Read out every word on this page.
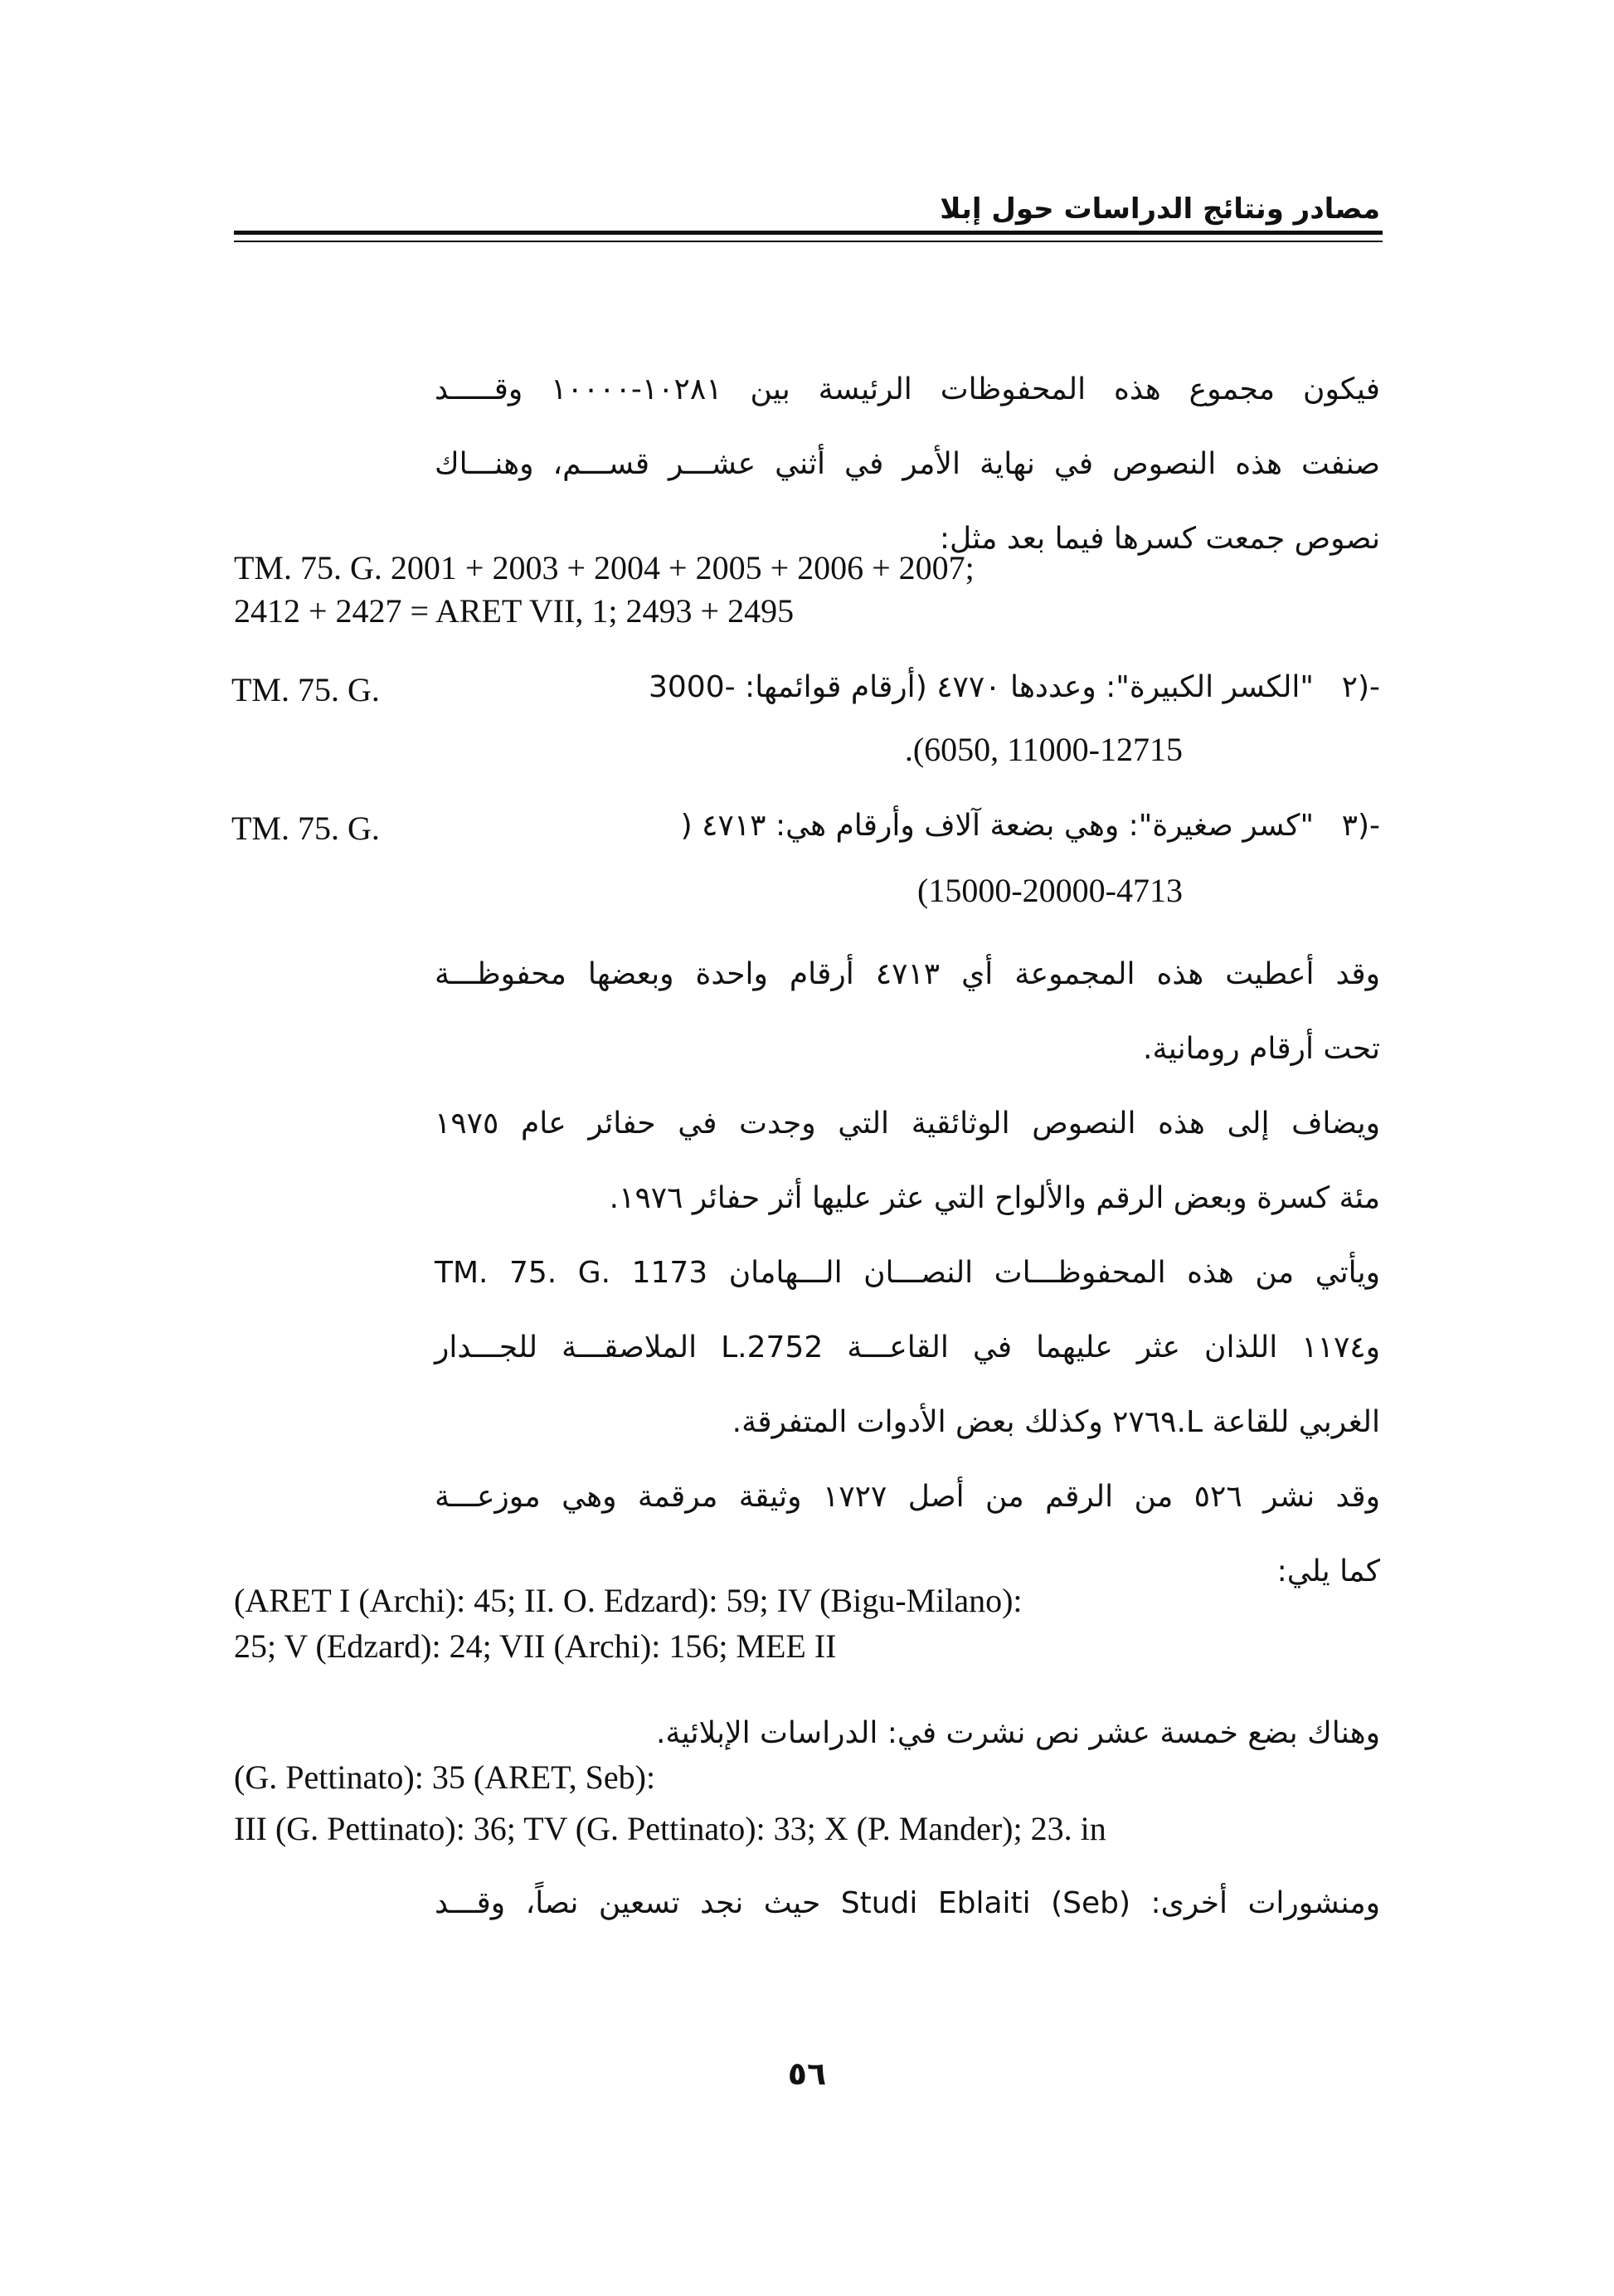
مصادر ونتائج الدراسات حول إبلا
فيكون مجموع هذه المحفوظات الرئيسة بين ١٠٢٨١-١٠٠٠٠ وقـــــد
صنفت هذه النصوص في نهاية الأمر في أثني عشـــر قســـم، وهنـــاك
نصوص جمعت كسرها فيما بعد مثل:
TM. 75. G. 2001 + 2003 + 2004 + 2005 + 2006 + 2007;
2412 + 2427 = ARET VII, 1; 2493 + 2495
٢)-
"الكسر الكبيرة": وعددها ٤٧٧٠ (أرقام قوائمها: -3000
TM. 75. G.
.(6050, 11000-12715
٣)-
"كسر صغيرة": وهي بضعة آلاف وأرقام هي: ٤٧١٣ (
TM. 75. G.
(15000-20000-4713
وقد أعطيت هذه المجموعة أي ٤٧١٣ أرقام واحدة وبعضها محفوظـــة
تحت أرقام رومانية.
ويضاف إلى هذه النصوص الوثائقية التي وجدت في حفائر عام ١٩٧٥
مئة كسرة وبعض الرقم والألواح التي عثر عليها أثر حفائر ١٩٧٦.
ويأتي من هذه المحفوظـــات النصـــان الـــهامان TM. 75. G. 1173
و١١٧٤ اللذان عثر عليهما في القاعـــة L.2752 الملاصقـــة للجـــدار
الغربي للقاعة L.٢٧٦٩ وكذلك بعض الأدوات المتفرقة.
وقد نشر ٥٢٦ من الرقم من أصل ١٧٢٧ وثيقة مرقمة وهي موزعـــة
كما يلي:
(ARET I (Archi): 45; II. O. Edzard): 59; IV (Bigu-Milano):
25; V (Edzard): 24; VII (Archi): 156; MEE II
وهناك بضع خمسة عشر نص نشرت في: الدراسات الإبلائية.
(G. Pettinato): 35 (ARET, Seb):
III (G. Pettinato): 36; TV (G. Pettinato): 33; X (P. Mander); 23. in
ومنشورات أخرى: Studi Eblaiti (Seb) حيث نجد تسعين نصاً، وقـــد
٥٦
